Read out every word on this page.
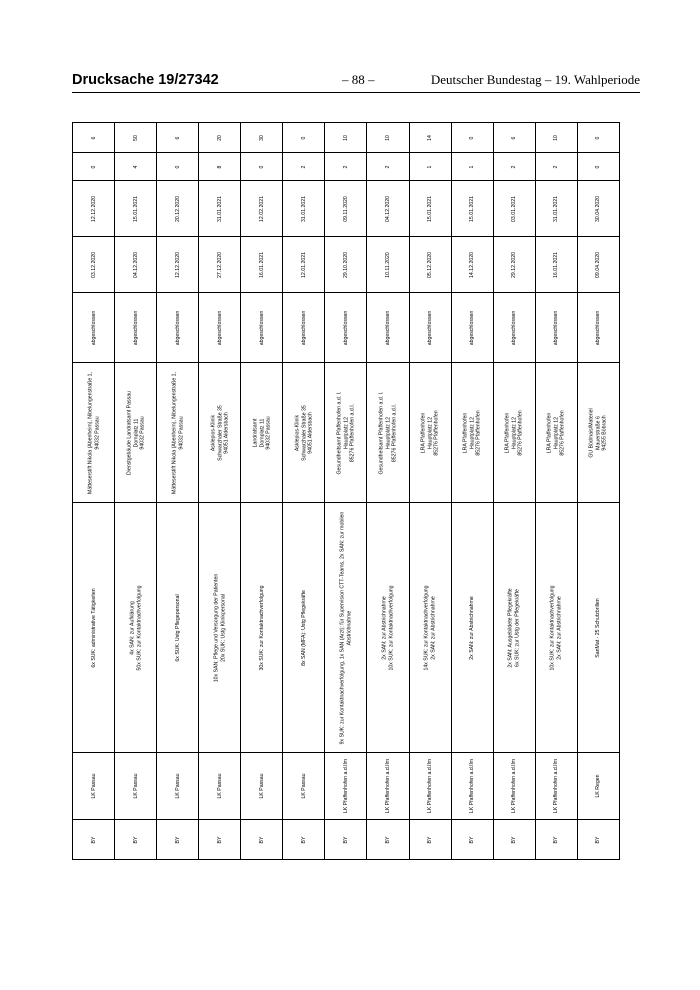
Drucksache 19/27342	– 88 –	Deutscher Bundestag – 19. Wahlperiode
6	50	6	20	30	0	10	10	14	0	6	10	0

0	4	0	8	0	2	2	2	1	1	2	2	0

12.12.2020	15.01.2021	20.12.2020	31.01.2021	12.02.2021	31.01.2021	09.11.2020	04.12.2020	15.01.2021	15.01.2021	03.01.2021	31.01.2021	30.04.2020

03.12.2020	04.12.2020	12.12.2020	27.12.2020	16.01.2021	12.01.2021	29.10.2020	10.11.2020	05.12.2020	14.12.2020	29.12.2020	16.01.2021	09.04.2020

abgeschlossen	abgeschlossen	abgeschlossen	abgeschlossen	abgeschlossen	abgeschlossen	abgeschlossen	abgeschlossen	abgeschlossen	abgeschlossen	abgeschlossen	abgeschlossen	abgeschlossen

Mätteserstift Nikola (Abenheim), Nibelungenstraße 1, 94032 Passau	Dienstgebäude Landratsamt Passau Domplatz 11 94032 Passau	Mätteserstift Nikola (Abenheim), Nibelungenstraße 1, 94032 Passau	Asklepios-Klinik Schwarzhaler Straße 35 94051 Aldersbach	Landratsamt Domplatz 11 94032 Passau	Asklepios-Klinik Schwarzhaler Straße 35 94051 Aldersbach	Gesundheitsamt Pfaffenhofen a.d. I. Hauptplatz 12 85276 Pfaffenhofen a.d.I.	Gesundheitsamt Pfaffenhofen a.d. I. Hauptplatz 12 85276 Pfaffenhofen a.d.I.	LRA Pfaffenhofen Hauptplatz 12 85276 Pfaffenhofen	LRA Pfaffenhofen Hauptplatz 12 85276 Pfaffenhofen	LRA Pfaffenhofen Hauptplatz 12 85276 Pfaffenhofen	LRA Pfaffenhofen Hauptplatz 12 85276 Pfaffenhofen	GU Bödmais/Materiel Mauerstraße 6 94255 Böbrach

6x SUK: administrative Tätigkeiten	4x SAN: zur Aufklärung 50x SUK: zur Kontaktnachverfolgung	6x SUK: Ustg Pflegepersonal	10x SAN: Pflege und Versorgung der Patienten 20x SUK: Ustg Klinikpersonal	30x SUK: zur Kontaktnachverfolgung	8x SAN (MFA): Ustg Pflegekräfte	9x SUK: zur Kontaktnachverfolgung, 1x SAN (Arzt): für Supervision CTT-Teams, 2x SAN: zur mobilen Abstrichnahme	2x SAN: zur Abstrichnahme 10x SUK: zur Kontaktnachverfolgung	14x SUK: zur Kontaktnachverfolgung 2x SAN: zur Abstrichnahme	2x SAN: zur Abstrichnahme	2x SAN: Ausgebildete Pflegekräfte 6x SUK: zur Ustg der Pflegekräfte	10x SUK: zur Kontaktnachverfolgung 2x SAN: zur Abstrichnahme	SanMat - 25 Schutzbrillen

LK Passau	LK Passau	LK Passau	LK Passau	LK Passau	LK Passau	LK Pfaffenhofen a.d.Ilm	LK Pfaffenhofen a.d.Ilm	LK Pfaffenhofen a.d.Ilm	LK Pfaffenhofen a.d.Ilm	LK Pfaffenhofen a.d.Ilm	LK Pfaffenhofen a.d.Ilm	LK Regen

BY	BY	BY	BY	BY	BY	BY	BY	BY	BY	BY	BY	BY
